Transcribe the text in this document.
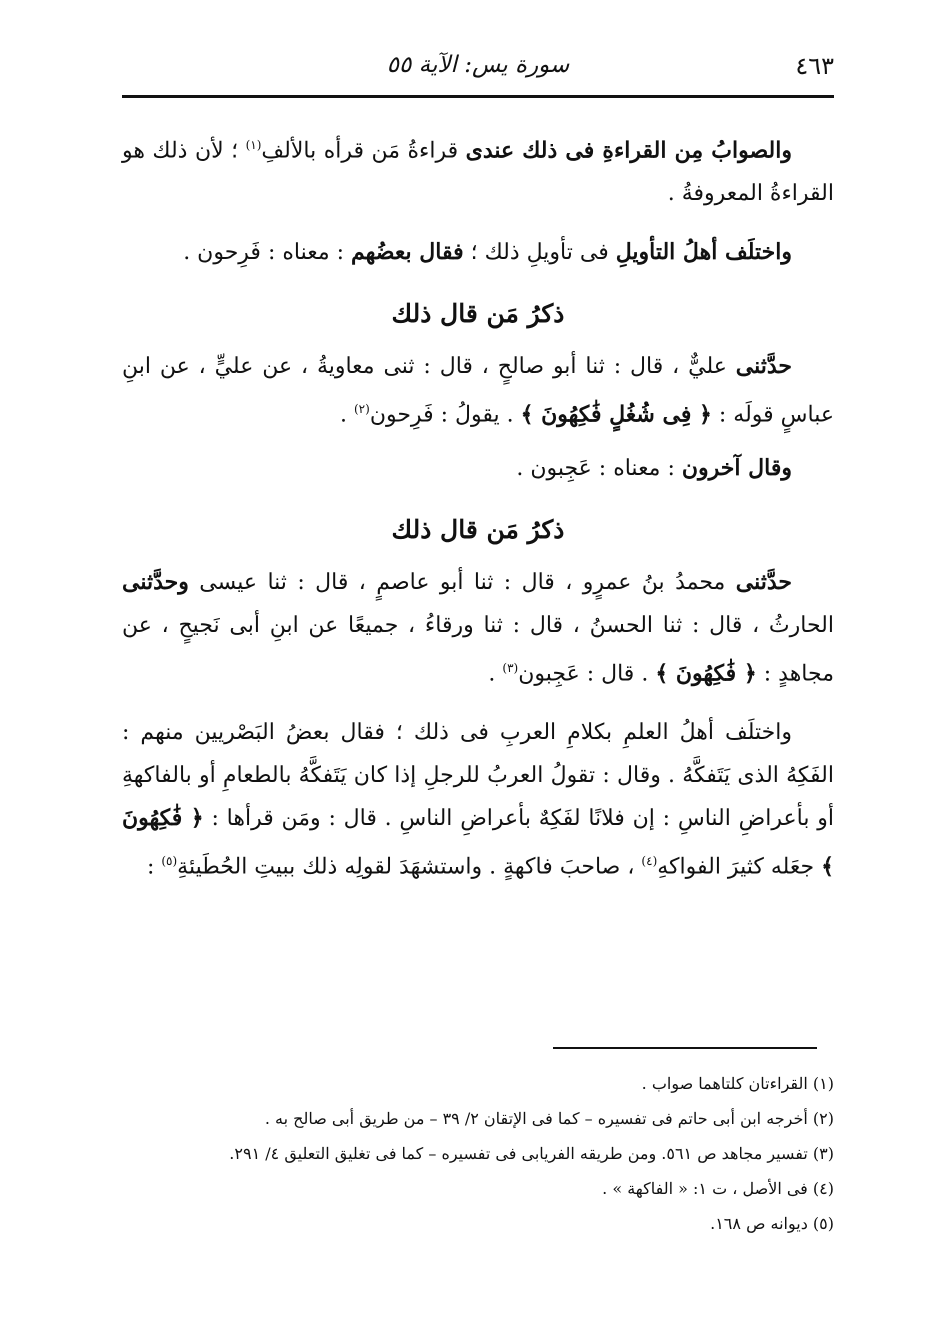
٤٦٣
سورة يس: الآية ٥٥

والصوابُ مِن القراءةِ فى ذلك عندى قراءةُ مَن قرأه بالألفِ$^{(١)}$ ؛ لأن ذلك هو القراءةُ المعروفةُ .

واختلَف أهلُ التأويلِ فى تأويلِ ذلك ؛ فقال بعضُهم : معناه : فَرِحون .

ذكرُ مَن قال ذلك

حدَّثنى عليٌّ ، قال : ثنا أبو صالحٍ ، قال : ثنى معاويةُ ، عن عليٍّ ، عن ابنِ عباسٍ قولَه : ﴿ فِى شُغُلٍ فَٰكِهُونَ ﴾ . يقولُ : فَرِحون$^{(٢)}$ .

وقال آخرون : معناه : عَجِبون .

ذكرُ مَن قال ذلك

حدَّثنى محمدُ بنُ عمرٍو ، قال : ثنا أبو عاصمٍ ، قال : ثنا عيسى وحدَّثنى الحارثُ ، قال : ثنا الحسنُ ، قال : ثنا ورقاءُ ، جميعًا عن ابنِ أبى نَجيحٍ ، عن مجاهدٍ : ﴿ فَٰكِهُونَ ﴾ . قال : عَجِبون$^{(٣)}$ .

واختلَف أهلُ العلمِ بكلامِ العربِ فى ذلك ؛ فقال بعضُ البَصْريين منهم : الفَكِهُ الذى يَتَفكَّهُ . وقال : تقولُ العربُ للرجلِ إذا كان يَتَفكَّهُ بالطعامِ أو بالفاكهةِ أو بأعراضِ الناسِ : إن فلانًا لفَكِهٌ بأعراضِ الناسِ . قال : ومَن قرأها : ﴿ فَٰكِهُونَ ﴾ جعَله كثيرَ الفواكهِ$^{(٤)}$ ، صاحبَ فاكهةٍ . واستشهَدَ لقولِه ذلك ببيتِ الحُطَيئةِ$^{(٥)}$ :

(١) القراءتان كلتاهما صواب .

(٢) أخرجه ابن أبى حاتم فى تفسيره – كما فى الإتقان ٢/ ٣٩ – من طريق أبى صالح به .

(٣) تفسير مجاهد ص ٥٦١. ومن طريقه الفريابى فى تفسيره – كما فى تغليق التعليق ٤/ ٢٩١.

(٤) فى الأصل ، ت ١: « الفاكهة » .

(٥) ديوانه ص ١٦٨.
